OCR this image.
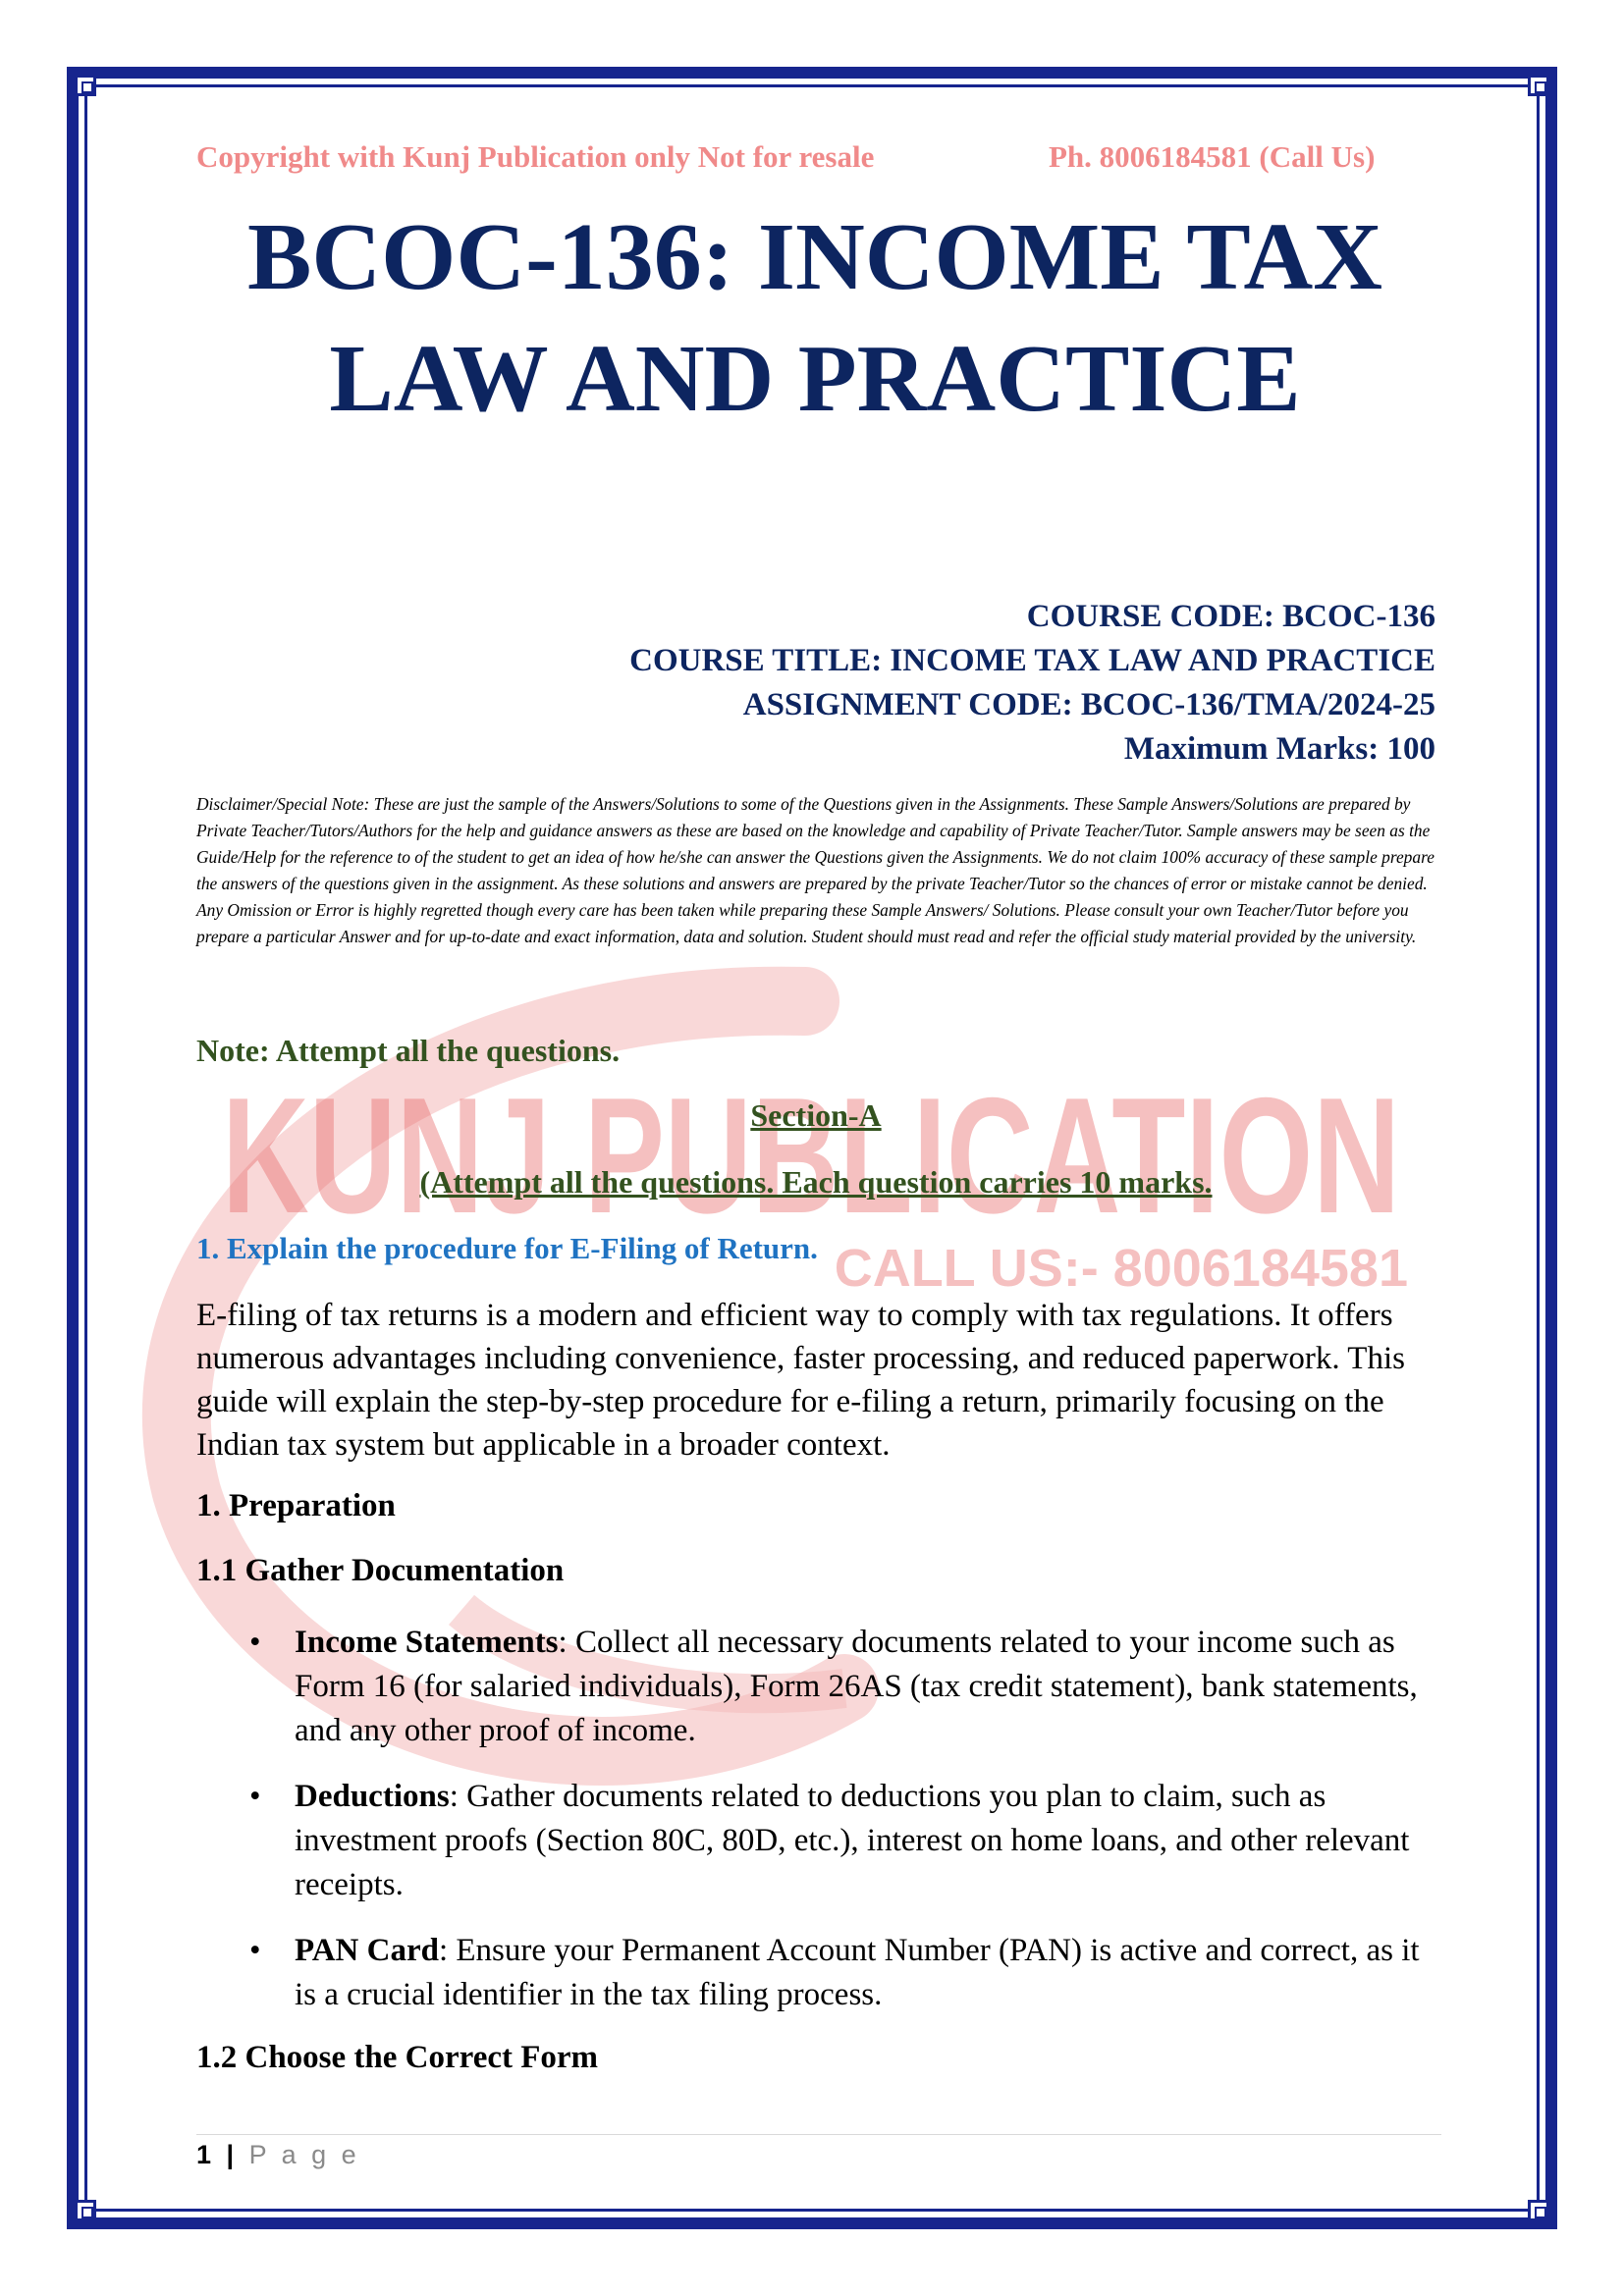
KUNJ PUBLICATION
CALL US:- 8006184581
Copyright with Kunj Publication only Not for resale	Ph. 8006184581 (Call Us)
BCOC-136: INCOME TAX
LAW AND PRACTICE
COURSE CODE: BCOC-136
COURSE TITLE: INCOME TAX LAW AND PRACTICE
ASSIGNMENT CODE: BCOC-136/TMA/2024-25
Maximum Marks: 100
Disclaimer/Special Note: These are just the sample of the Answers/Solutions to some of the Questions given in the Assignments. These Sample Answers/Solutions are prepared by Private Teacher/Tutors/Authors for the help and guidance answers as these are based on the knowledge and capability of Private Teacher/Tutor. Sample answers may be seen as the Guide/Help for the reference to of the student to get an idea of how he/she can answer the Questions given the Assignments. We do not claim 100% accuracy of these sample prepare the answers of the questions given in the assignment. As these solutions and answers are prepared by the private Teacher/Tutor so the chances of error or mistake cannot be denied. Any Omission or Error is highly regretted though every care has been taken while preparing these Sample Answers/ Solutions. Please consult your own Teacher/Tutor before you prepare a particular Answer and for up-to-date and exact information, data and solution. Student should must read and refer the official study material provided by the university.
Note: Attempt all the questions.
Section-A
(Attempt all the questions. Each question carries 10 marks.
1. Explain the procedure for E-Filing of Return.
E-filing of tax returns is a modern and efficient way to comply with tax regulations. It offers numerous advantages including convenience, faster processing, and reduced paperwork. This guide will explain the step-by-step procedure for e-filing a return, primarily focusing on the Indian tax system but applicable in a broader context.
1. Preparation
1.1 Gather Documentation
• Income Statements: Collect all necessary documents related to your income such as Form 16 (for salaried individuals), Form 26AS (tax credit statement), bank statements, and any other proof of income.
• Deductions: Gather documents related to deductions you plan to claim, such as investment proofs (Section 80C, 80D, etc.), interest on home loans, and other relevant receipts.
• PAN Card: Ensure your Permanent Account Number (PAN) is active and correct, as it is a crucial identifier in the tax filing process.
1.2 Choose the Correct Form
1 | P a g e
